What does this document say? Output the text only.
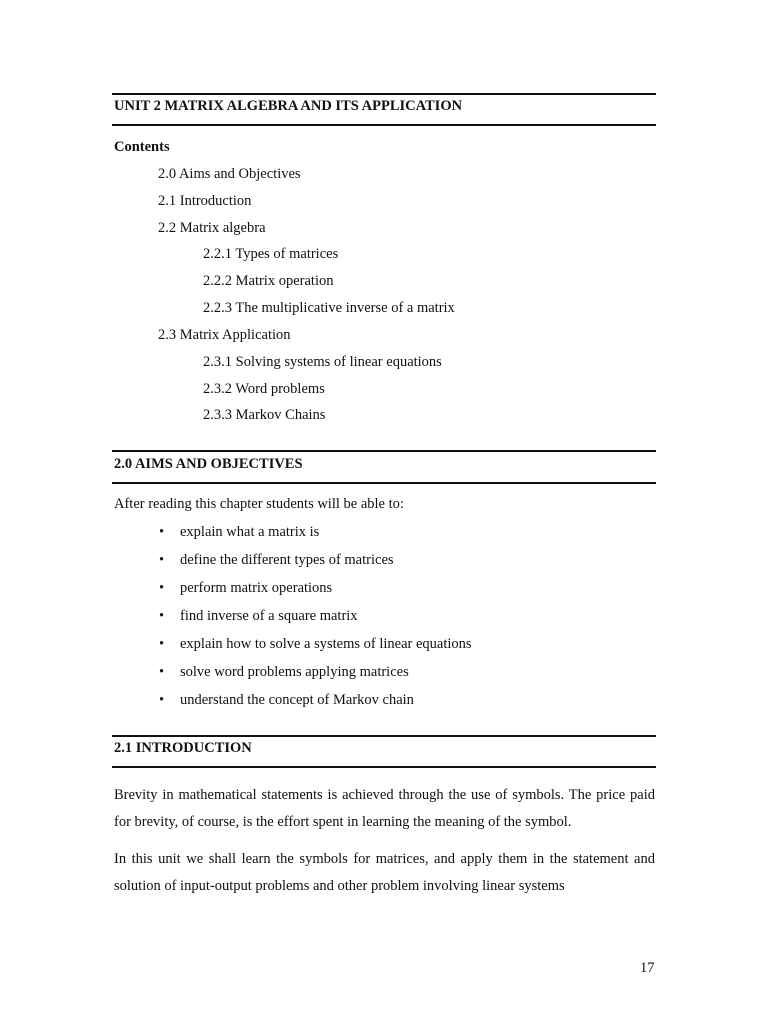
UNIT 2 MATRIX ALGEBRA AND ITS APPLICATION
Contents
2.0 Aims and Objectives
2.1 Introduction
2.2 Matrix algebra
2.2.1 Types of matrices
2.2.2 Matrix operation
2.2.3 The multiplicative inverse of a matrix
2.3 Matrix Application
2.3.1 Solving systems of linear equations
2.3.2 Word problems
2.3.3 Markov Chains
2.0 AIMS AND OBJECTIVES
After reading this chapter students will be able to:
• explain what a matrix is
• define the different types of matrices
• perform matrix operations
• find inverse of a square matrix
• explain how to solve a systems of linear equations
• solve word problems applying matrices
• understand the concept of Markov chain
2.1 INTRODUCTION
Brevity in mathematical statements is achieved through the use of symbols. The price paid for brevity, of course, is the effort spent in learning the meaning of the symbol.
In this unit we shall learn the symbols for matrices, and apply them in the statement and solution of input-output problems and other problem involving linear systems
17
